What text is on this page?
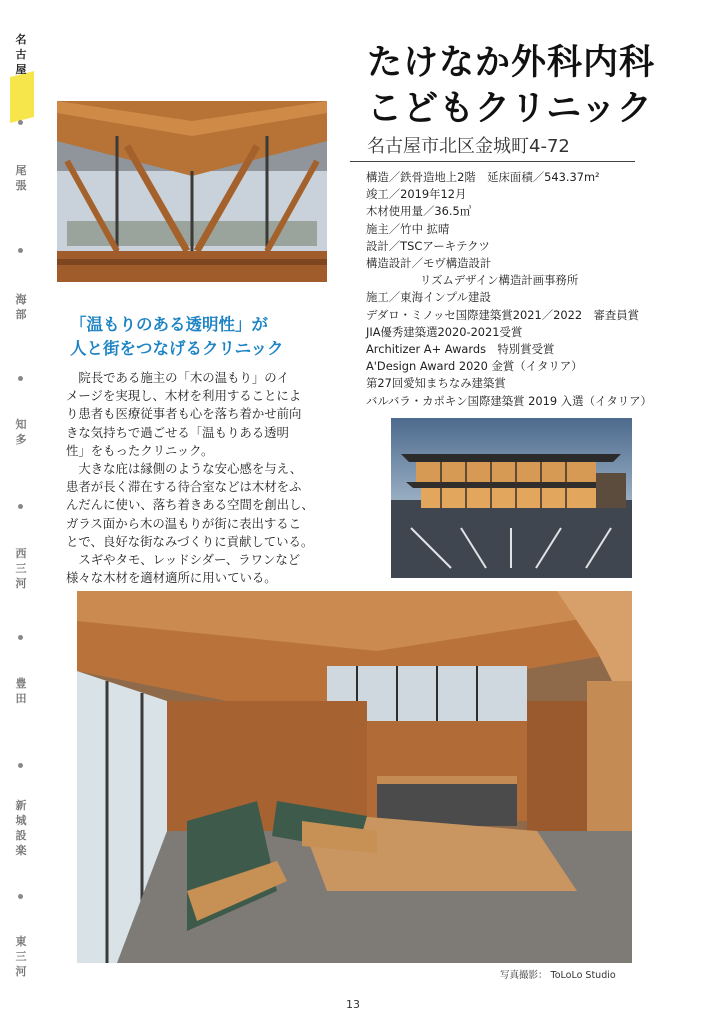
名古屋
尾張
海部
知多
西三河
豊田
新城設楽
東三河
たけなか外科内科
こどもクリニック
名古屋市北区金城町4-72
構造／鉄骨造地上2階　延床面積／543.37m²
竣工／2019年12月
木材使用量／36.5㎥
施主／竹中 拡晴
設計／TSCアーキテクツ
構造設計／モヴ構造設計
リズムデザイン構造計画事務所
施工／東海インプル建設
デダロ・ミノッセ国際建築賞2021／2022　審査員賞
JIA優秀建築選2020-2021受賞
Architizer A+ Awards　特別賞受賞
A'Design Award 2020 金賞（イタリア）
第27回愛知まちなみ建築賞
バルバラ・カポキン国際建築賞 2019 入選（イタリア）
「温もりのある透明性」が
人と街をつなげるクリニック
　院長である施主の「木の温もり」のイ
メージを実現し、木材を利用することによ
り患者も医療従事者も心を落ち着かせ前向
きな気持ちで過ごせる「温もりある透明
性」をもったクリニック。
　大きな庇は縁側のような安心感を与え、
患者が長く滞在する待合室などは木材をふ
んだんに使い、落ち着きある空間を創出し、
ガラス面から木の温もりが街に表出するこ
とで、良好な街なみづくりに貢献している。
　スギやタモ、レッドシダー、ラワンなど
様々な木材を適材適所に用いている。
写真撮影： ToLoLo Studio
13
